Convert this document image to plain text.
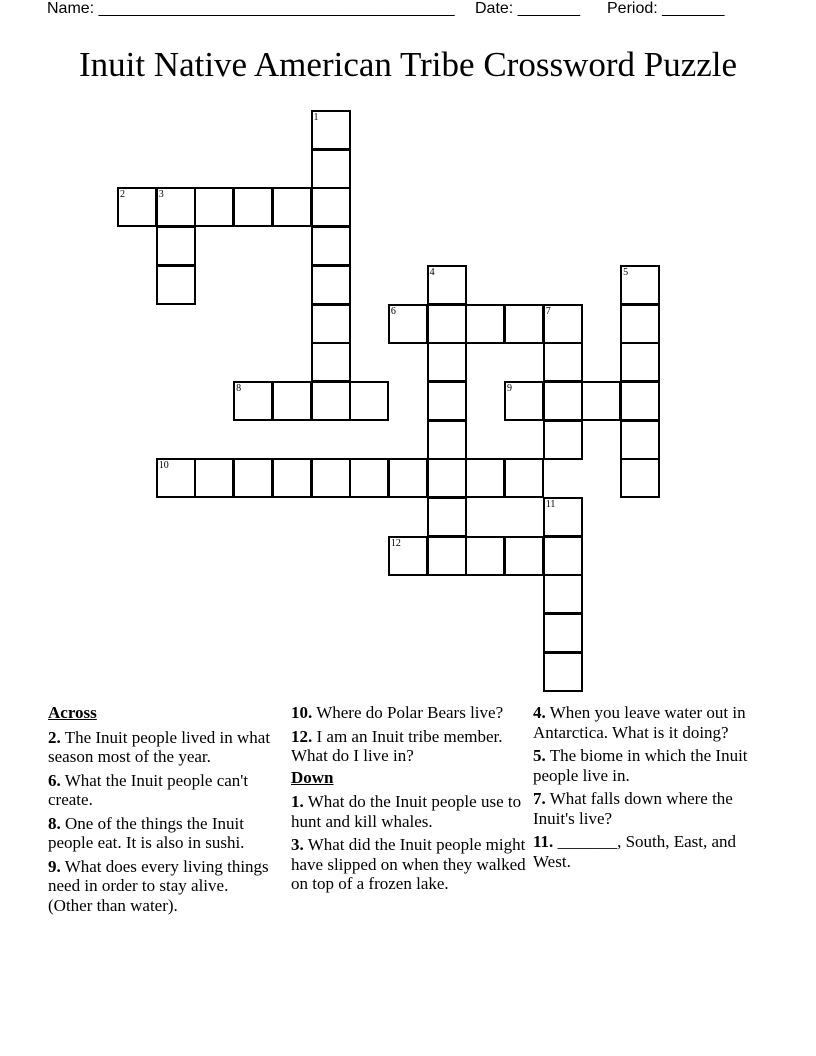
Name: ________________________________________ Date: _______ Period: _______
Inuit Native American Tribe Crossword Puzzle
1
2	3
4	5
6	7
8	9
10
11
12
Across
2. The Inuit people lived in what season most of the year.
6. What the Inuit people can't create.
8. One of the things the Inuit people eat. It is also in sushi.
9. What does every living things need in order to stay alive. (Other than water).
10. Where do Polar Bears live?
12. I am an Inuit tribe member. What do I live in?
Down
1. What do the Inuit people use to hunt and kill whales.
3. What did the Inuit people might have slipped on when they walked on top of a frozen lake.
4. When you leave water out in Antarctica. What is it doing?
5. The biome in which the Inuit people live in.
7. What falls down where the Inuit's live?
11. _______, South, East, and West.
